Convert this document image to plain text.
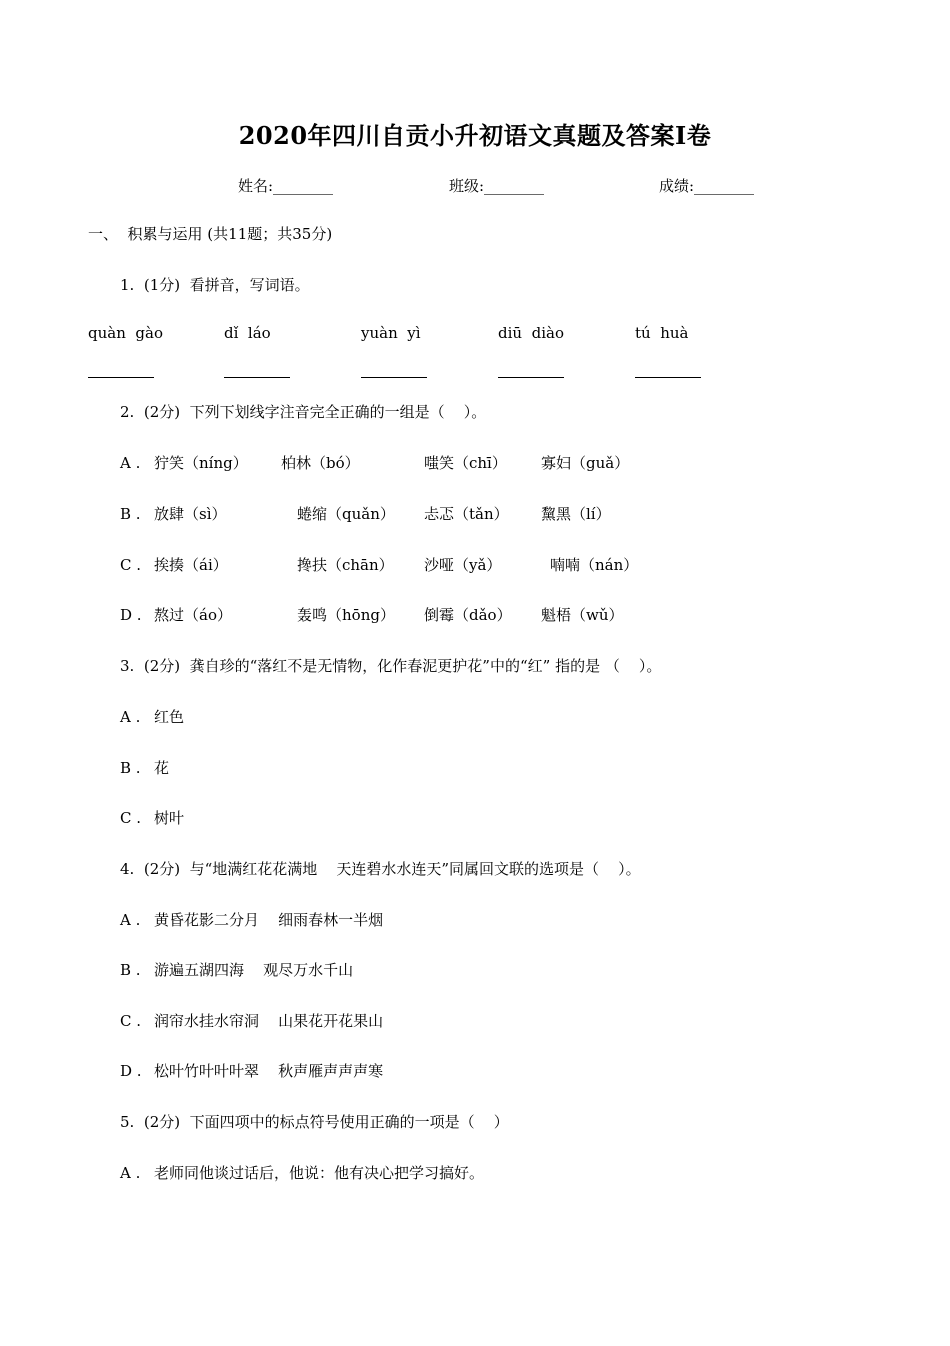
2020年四川自贡小升初语文真题及答案I卷
姓名:________	班级:________	成绩:________
一、  积累与运用 (共11题；共35分)
1.  (1分)  看拼音，写词语。
quàn  gào	dǐ  láo	yuàn  yì	diū  diào	tú  huà
2.  (2分)  下列下划线字注音完全正确的一组是（    ）。
A . 狞笑（níng） 柏林（bó）	嗤笑（chī） 寡妇（guǎ）
B . 放肆（sì）	蜷缩（quǎn） 忐忑（tǎn） 黧黑（lí）
C . 挨揍（ái）	搀扶（chān） 沙哑（yǎ）	喃喃（nán）
D . 熬过（áo）	轰鸣（hōng） 倒霉（dǎo） 魁梧（wǔ）
3.  (2分)  龚自珍的“落红不是无情物，化作春泥更护花”中的“红” 指的是 （    ）。
A . 红色
B . 花
C . 树叶
4.  (2分)  与“地满红花花满地    天连碧水水连天”同属回文联的选项是（    ）。
A . 黄昏花影二分月    细雨春林一半烟
B . 游遍五湖四海    观尽万水千山
C . 润帘水挂水帘洞    山果花开花果山
D . 松叶竹叶叶叶翠    秋声雁声声声寒
5.  (2分)  下面四项中的标点符号使用正确的一项是（    ）
A . 老师同他谈过话后，他说：他有决心把学习搞好。
